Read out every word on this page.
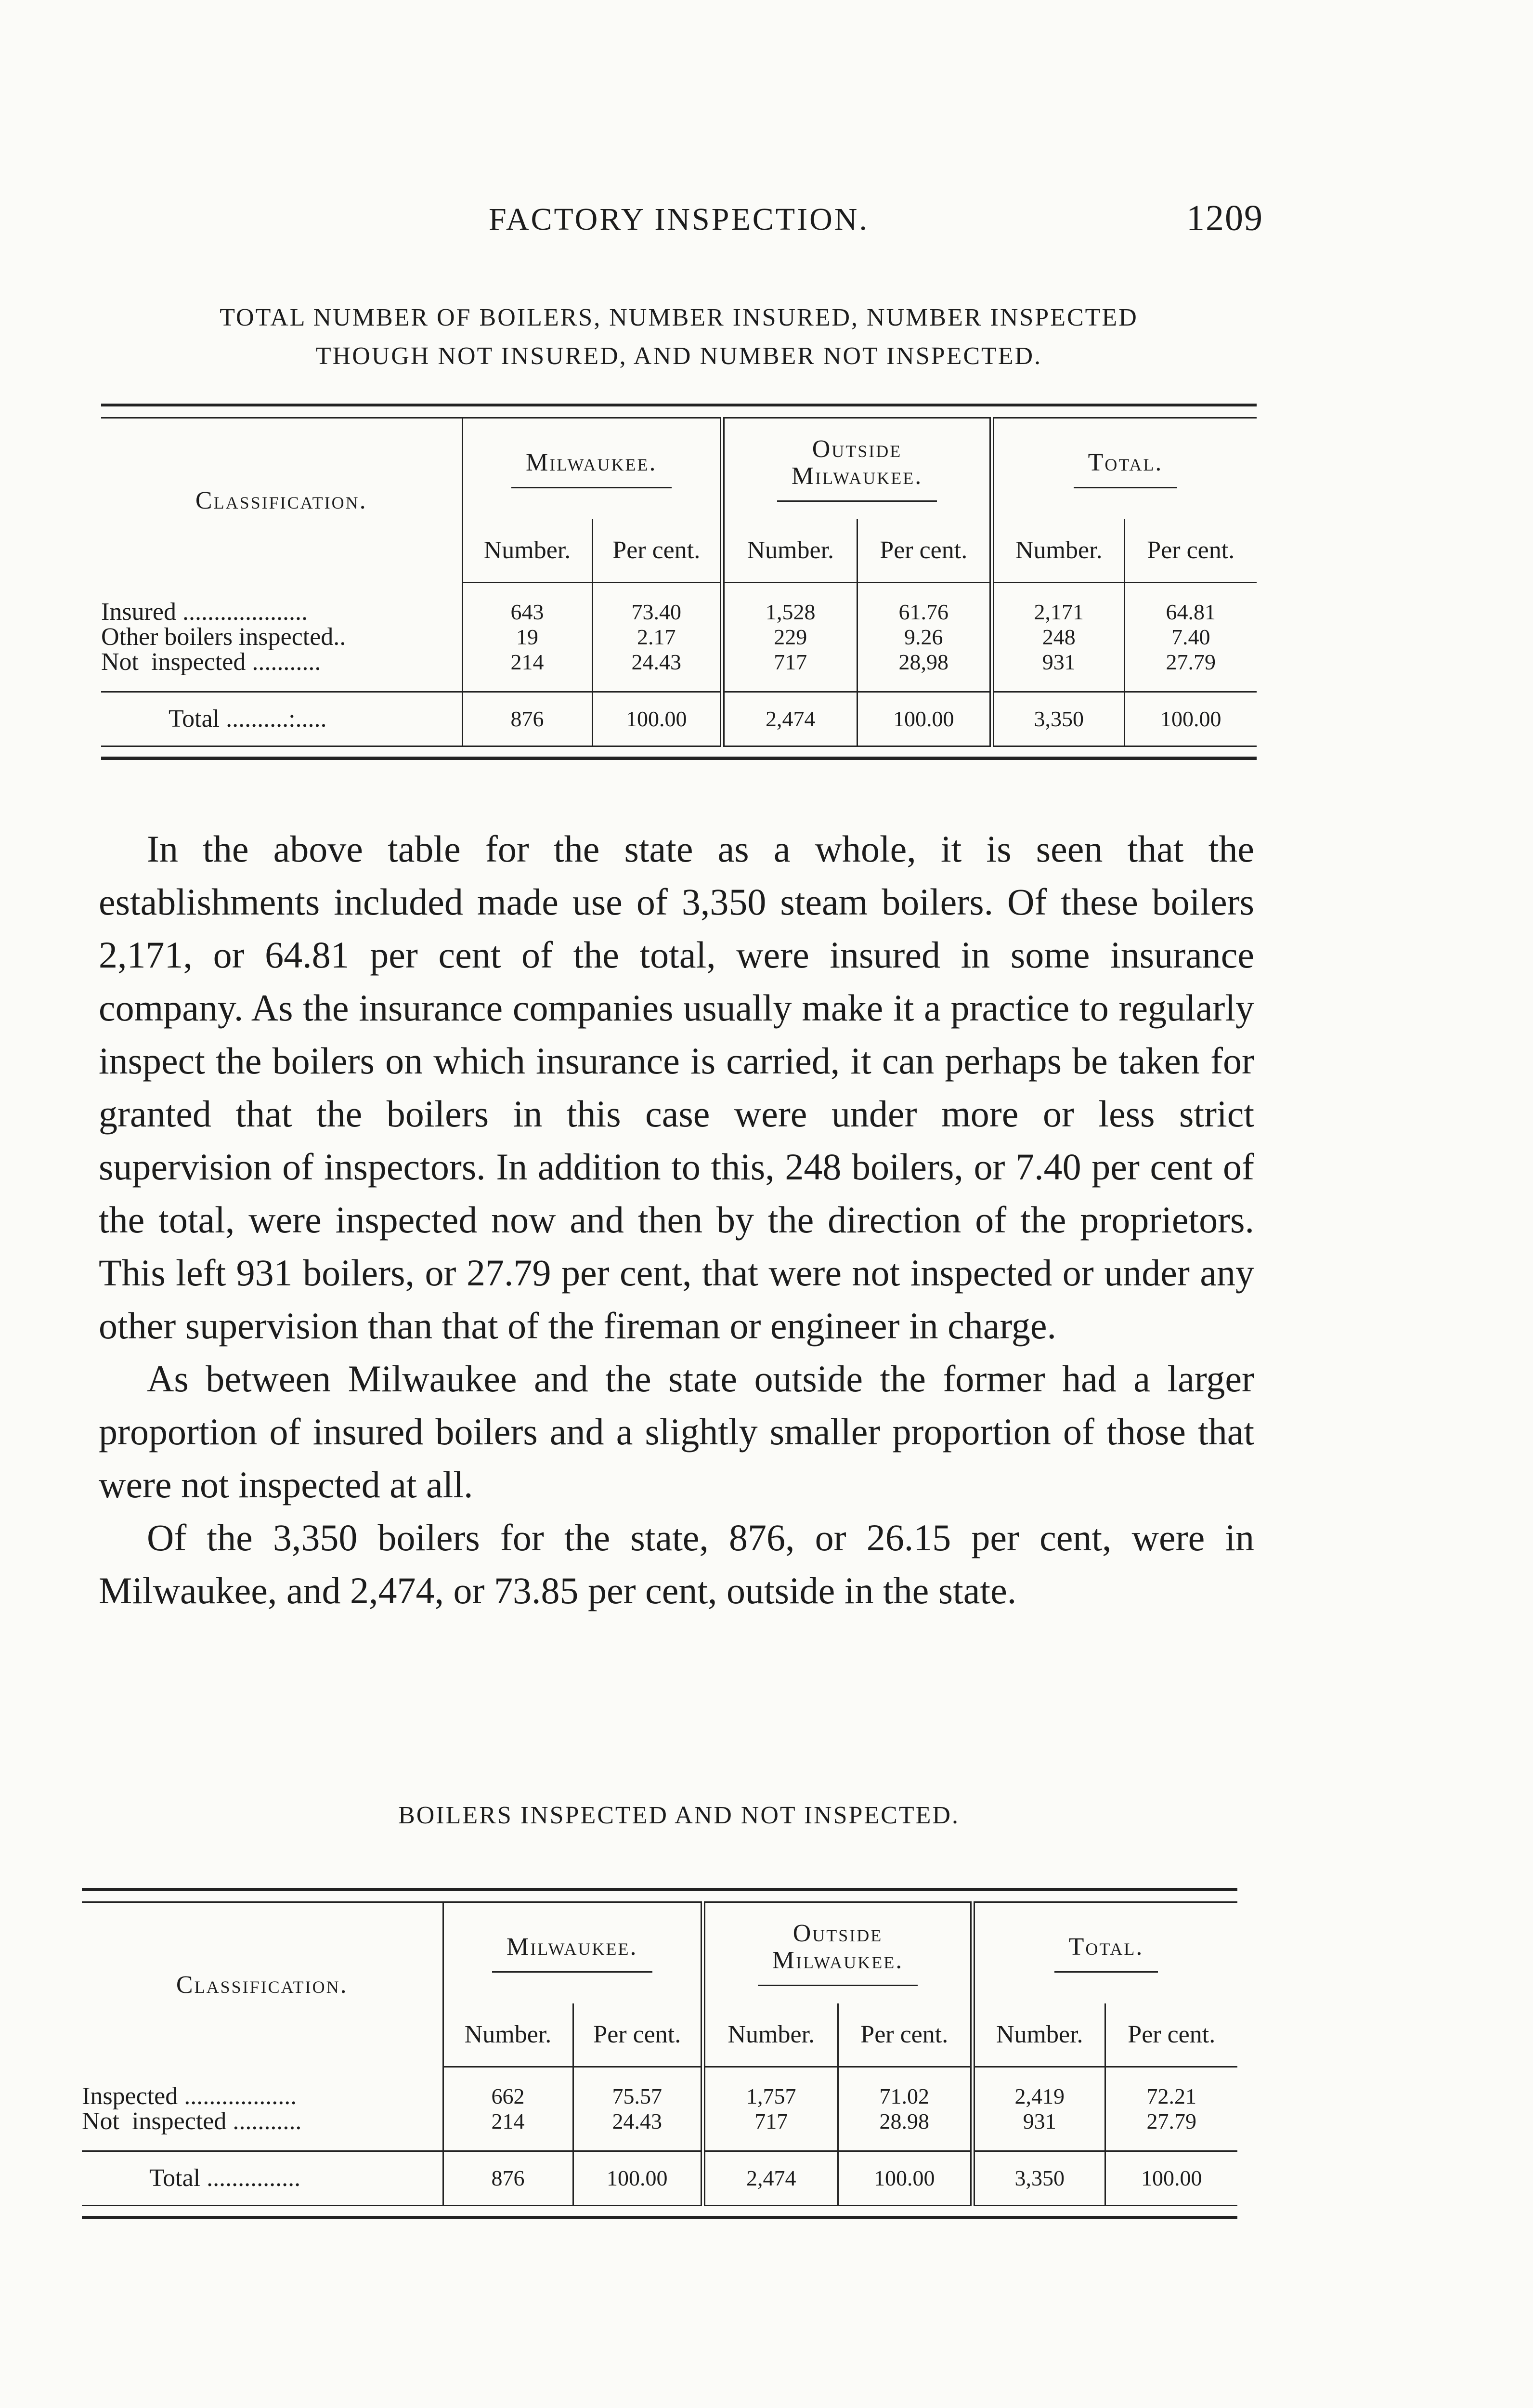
FACTORY INSPECTION.	1209
TOTAL NUMBER OF BOILERS, NUMBER INSURED, NUMBER INSPECTED
THOUGH NOT INSURED, AND NUMBER NOT INSPECTED.

Classification.	Milwaukee.		Outside
Milwaukee.		Total.	
	Number.	Per cent.	Number.	Per cent.	Number.	Per cent.

Insured ....................	643	73.40	1,528	61.76	2,171	64.81
Other boilers inspected..	19	2.17	229	9.26	248	7.40
Not  inspected ...........	214	24.43	717	28,98	931	27.79

Total ..........:.....	876	100.00	2,474	100.00	3,350	100.00

In the above table for the state as a whole, it is seen that the establishments included made use of 3,350 steam boilers. Of these boilers 2,171, or 64.81 per cent of the total, were insured in some insurance company. As the insurance companies usually make it a practice to regularly inspect the boilers on which insurance is carried, it can perhaps be taken for granted that the boilers in this case were under more or less strict supervision of inspectors. In addition to this, 248 boilers, or 7.40 per cent of the total, were inspected now and then by the direction of the proprietors. This left 931 boilers, or 27.79 per cent, that were not inspected or under any other supervision than that of the fireman or engineer in charge.

As between Milwaukee and the state outside the former had a larger proportion of insured boilers and a slightly smaller proportion of those that were not inspected at all.

Of the 3,350 boilers for the state, 876, or 26.15 per cent, were in Milwaukee, and 2,474, or 73.85 per cent, outside in the state.

BOILERS INSPECTED AND NOT INSPECTED.

Classification.	Milwaukee.		Outside
Milwaukee.		Total.	
	Number.	Per cent.	Number.	Per cent.	Number.	Per cent.

Inspected ..................	662	75.57	1,757	71.02	2,419	72.21
Not  inspected ...........	214	24.43	717	28.98	931	27.79

Total ...............	876	100.00	2,474	100.00	3,350	100.00
